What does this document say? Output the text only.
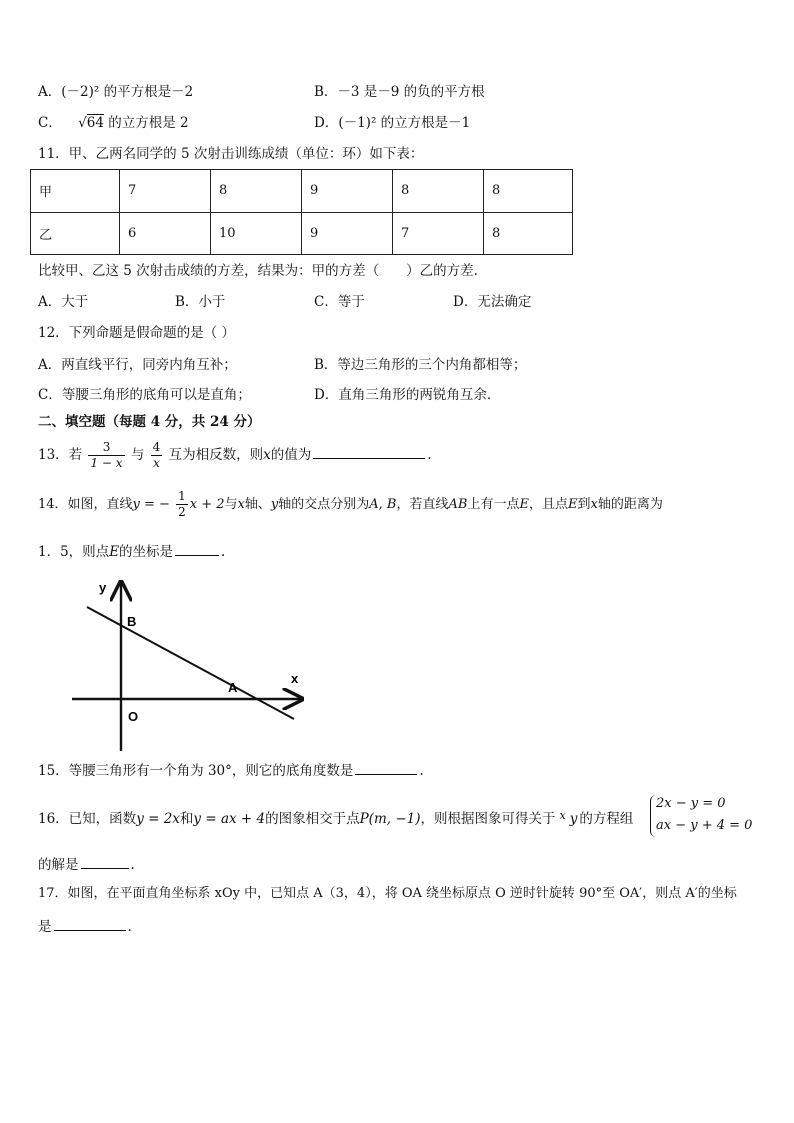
A．(－2)² 的平方根是－2	B．－3 是－9 的负的平方根
C． √64 的立方根是 2	D．(－1)² 的立方根是－1
11．甲、乙两名同学的 5 次射击训练成绩（单位：环）如下表：
甲	7	8	9	8	8
乙	6	10	9	7	8
比较甲、乙这 5 次射击成绩的方差，结果为：甲的方差（　　）乙的方差.
A．大于	B．小于	C．等于	D．无法确定
12．下列命题是假命题的是（ ）
A．两直线平行，同旁内角互补；	B．等边三角形的三个内角都相等；
C．等腰三角形的底角可以是直角；	D．直角三角形的两锐角互余．
二、填空题（每题 4 分，共 24 分）
13．若 $\frac{3}{1 - x}$ 与 $\frac{4}{x}$ 互为相反数，则x的值为	.
14．如图，直线y = − $\frac{1}{2}$ x + 2与x轴、y轴的交点分别为A, B，若直线AB上有一点E，且点E到x轴的距离为
1．5，则点E的坐标是	.
y
x
B
A
O
15．等腰三角形有一个角为 30°，则它的底角度数是	.
16．已知，函数y = 2x和y = ax + 4的图象相交于点P(m, −1)，则根据图象可得关于 $^x$ y 的方程组
2x − y = 0
ax − y + 4 = 0
的解是	.
17．如图，在平面直角坐标系 xOy 中，已知点 A（3，4），将 OA 绕坐标原点 O 逆时针旋转 90°至 OA′，则点 A′的坐标
是	.
